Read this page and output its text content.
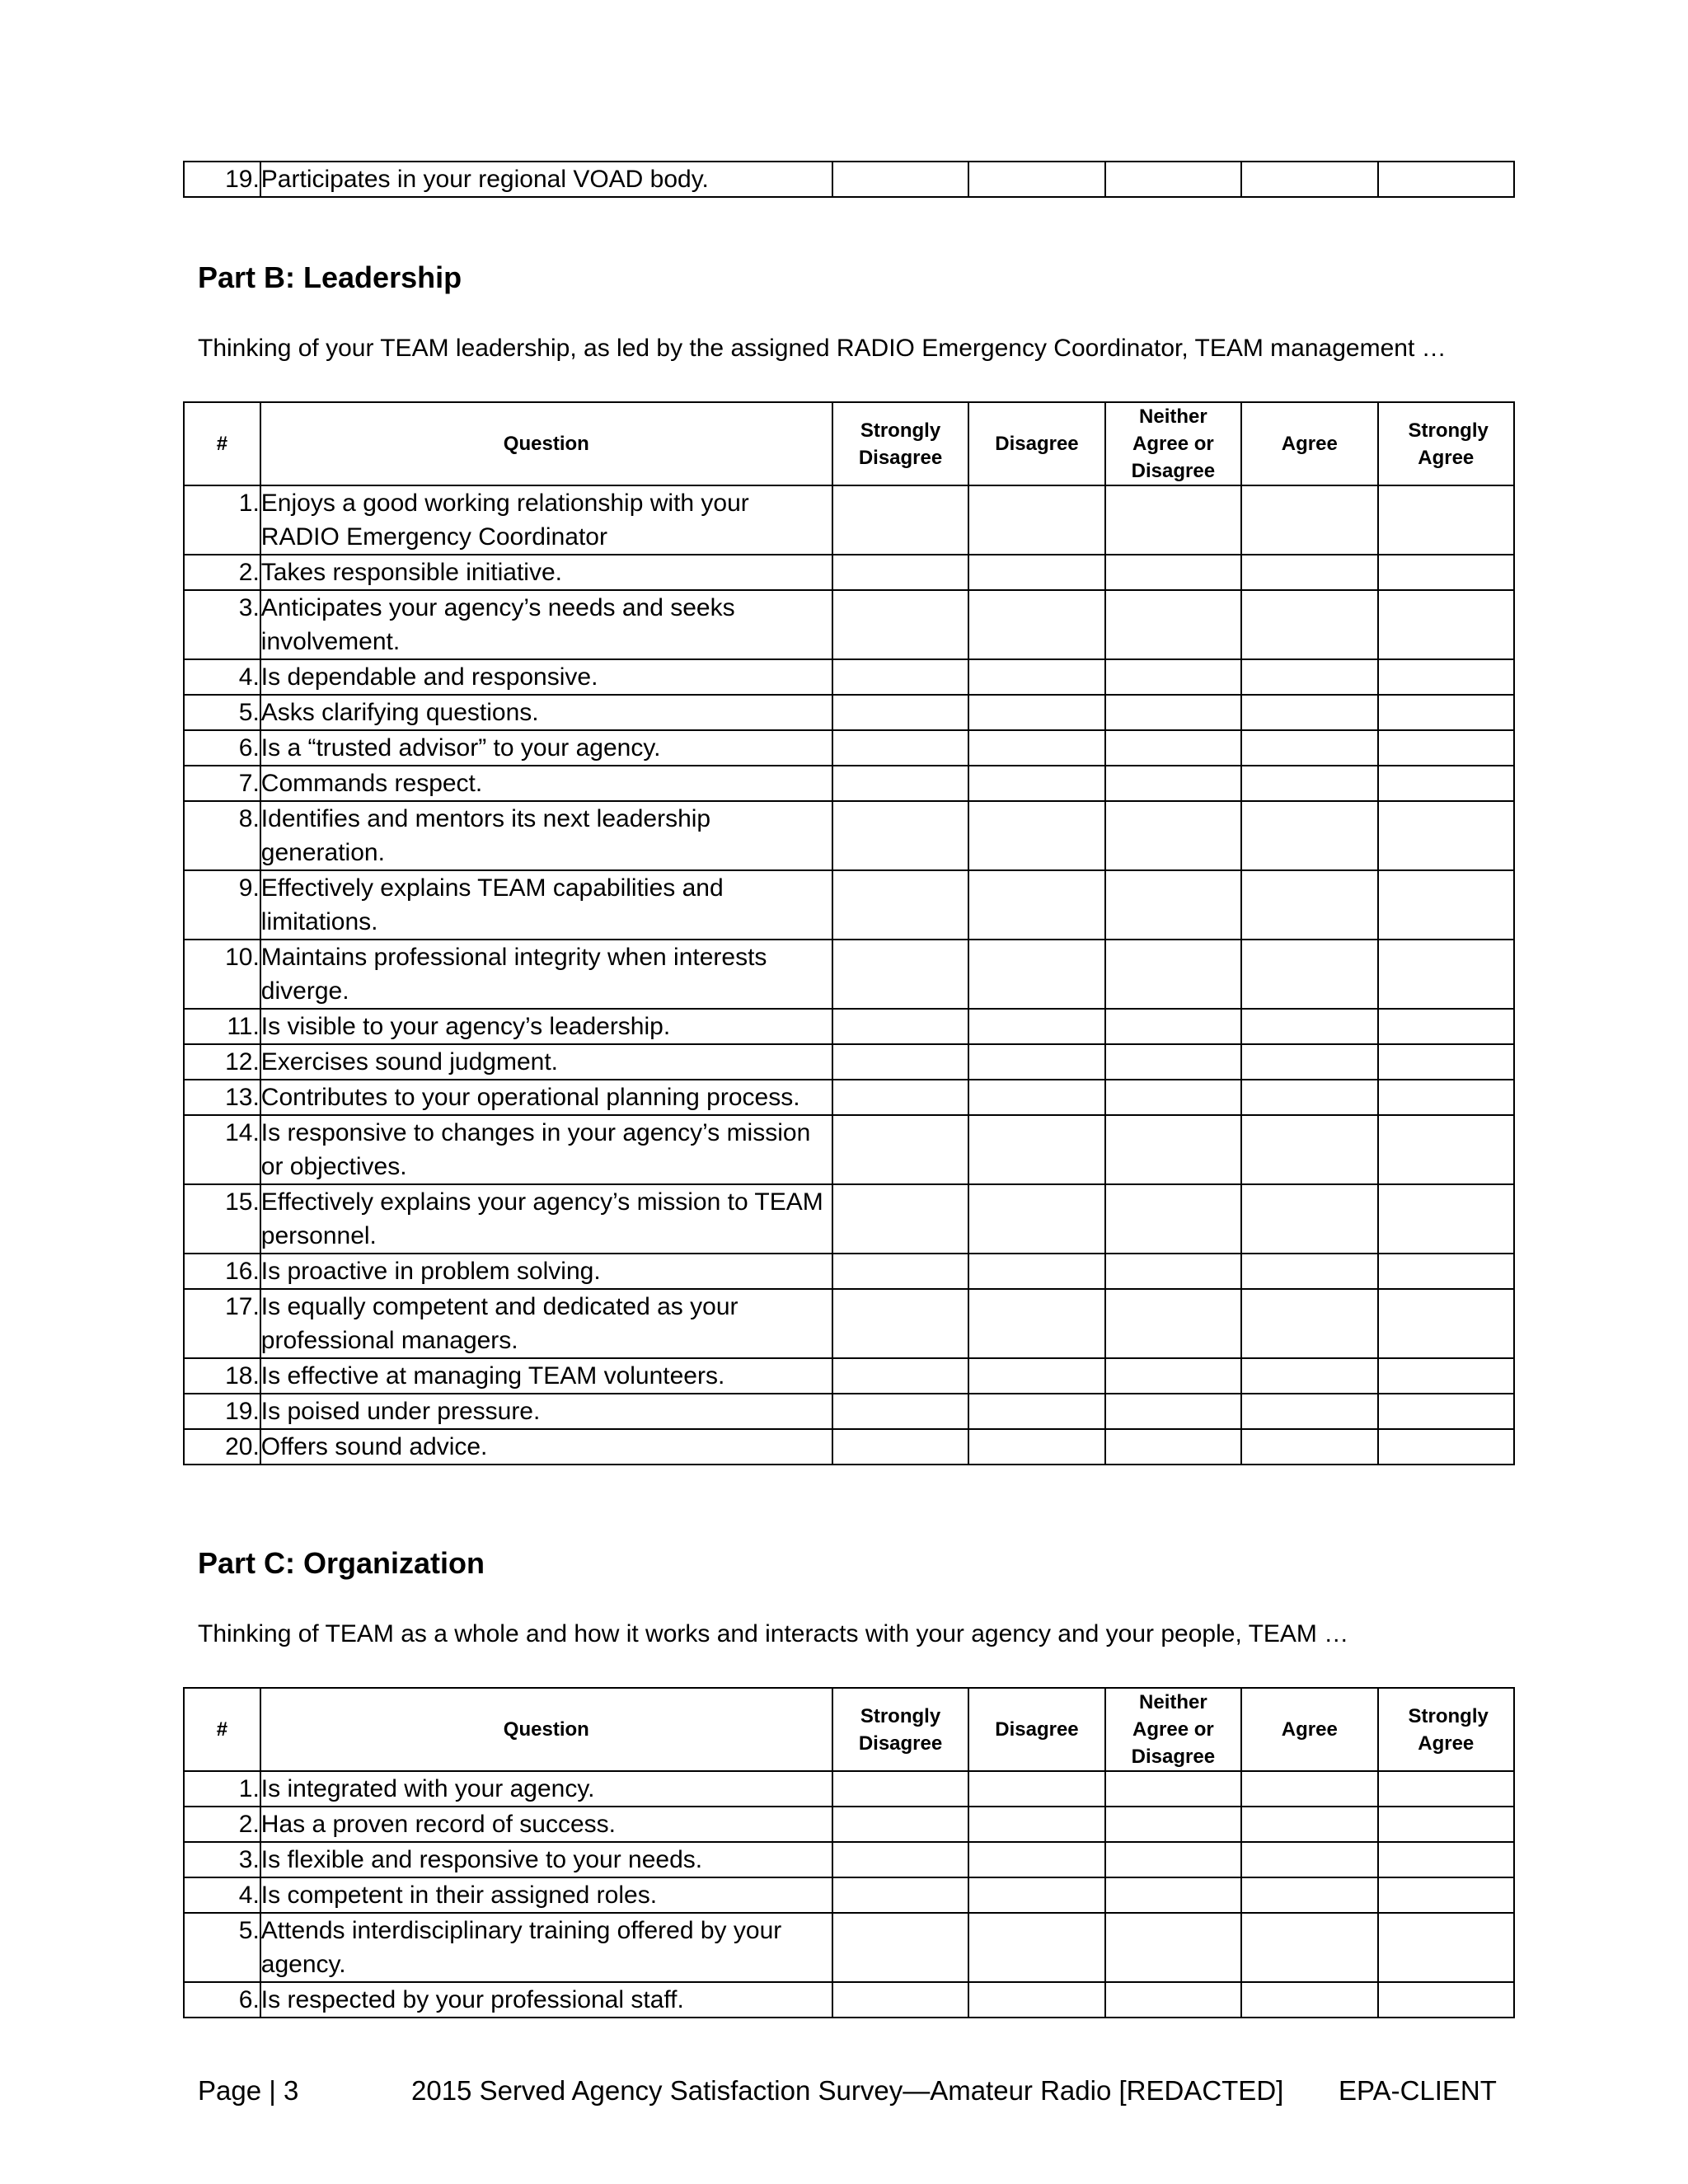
19.	Participates in your regional VOAD body.					
Part B: Leadership

Thinking of your TEAM leadership, as led by the assigned RADIO Emergency Coordinator, TEAM management …

#	Question	Strongly Disagree	Disagree	Neither Agree or Disagree	Agree	Strongly Agree
1.	Enjoys a good working relationship with your RADIO Emergency Coordinator					
2.	Takes responsible initiative.					
3.	Anticipates your agency’s needs and seeks involvement.					
4.	Is dependable and responsive.					
5.	Asks clarifying questions.					
6.	Is a “trusted advisor” to your agency.					
7.	Commands respect.					
8.	Identifies and mentors its next leadership generation.					
9.	Effectively explains TEAM capabilities and limitations.					
10.	Maintains professional integrity when interests diverge.					
11.	Is visible to your agency’s leadership.					
12.	Exercises sound judgment.					
13.	Contributes to your operational planning process.					
14.	Is responsive to changes in your agency’s mission or objectives.					
15.	Effectively explains your agency’s mission to TEAM personnel.					
16.	Is proactive in problem solving.					
17.	Is equally competent and dedicated as your professional managers.					
18.	Is effective at managing TEAM volunteers.					
19.	Is poised under pressure.					
20.	Offers sound advice.					
Part C: Organization

Thinking of TEAM as a whole and how it works and interacts with your agency and your people, TEAM …

#	Question	Strongly Disagree	Disagree	Neither Agree or Disagree	Agree	Strongly Agree
1.	Is integrated with your agency.					
2.	Has a proven record of success.					
3.	Is flexible and responsive to your needs.					
4.	Is competent in their assigned roles.					
5.	Attends interdisciplinary training offered by your agency.					
6.	Is respected by your professional staff.					

Page | 3	2015 Served Agency Satisfaction Survey—Amateur Radio [REDACTED] EPA-CLIENT
